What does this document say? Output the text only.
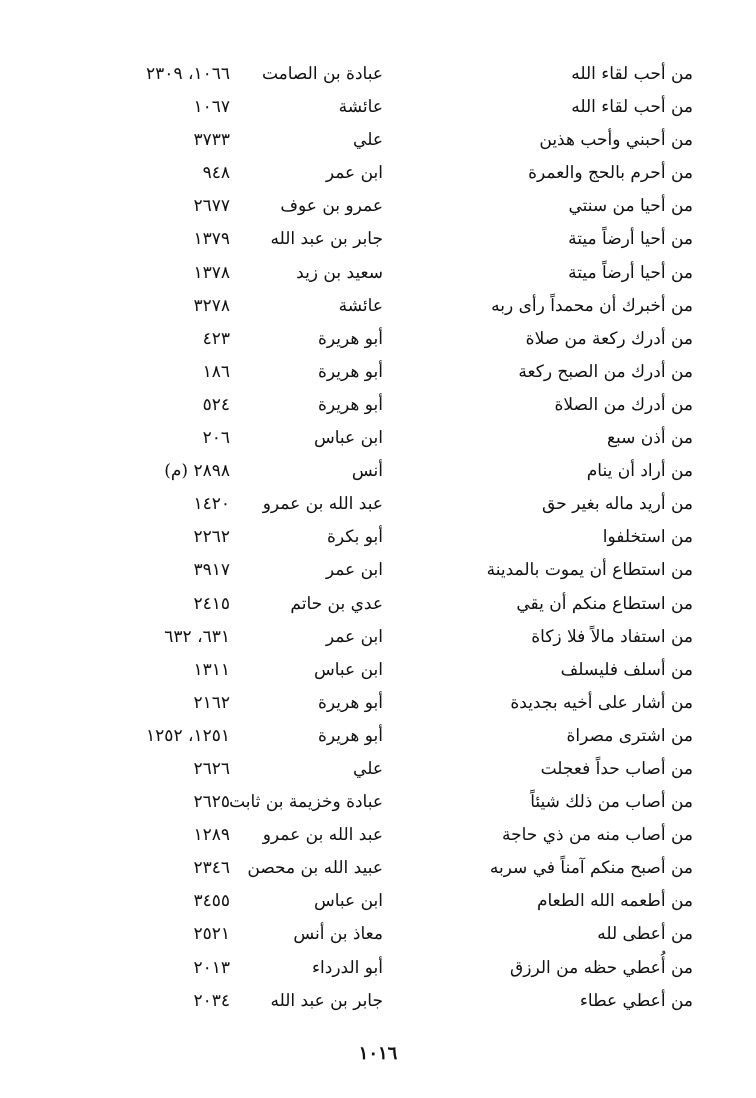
من أحب لقاء الله
عبادة بن الصامت
١٠٦٦، ٢٣٠٩
من أحب لقاء الله
عائشة
١٠٦٧
من أحبني وأحب هذين
علي
٣٧٣٣
من أحرم بالحج والعمرة
ابن عمر
٩٤٨
من أحيا من سنتي
عمرو بن عوف
٢٦٧٧
من أحيا أرضاً ميتة
جابر بن عبد الله
١٣٧٩
من أحيا أرضاً ميتة
سعيد بن زيد
١٣٧٨
من أخبرك أن محمداً رأى ربه
عائشة
٣٢٧٨
من أدرك ركعة من صلاة
أبو هريرة
٤٢٣
من أدرك من الصبح ركعة
أبو هريرة
١٨٦
من أدرك من الصلاة
أبو هريرة
٥٢٤
من أذن سبع
ابن عباس
٢٠٦
من أراد أن ينام
أنس
٢٨٩٨ (م)
من أريد ماله بغير حق
عبد الله بن عمرو
١٤٢٠
من استخلفوا
أبو بكرة
٢٢٦٢
من استطاع أن يموت بالمدينة
ابن عمر
٣٩١٧
من استطاع منكم أن يقي
عدي بن حاتم
٢٤١٥
من استفاد مالاً فلا زكاة
ابن عمر
٦٣١، ٦٣٢
من أسلف فليسلف
ابن عباس
١٣١١
من أشار على أخيه بجديدة
أبو هريرة
٢١٦٢
من اشترى مصراة
أبو هريرة
١٢٥١، ١٢٥٢
من أصاب حداً فعجلت
علي
٢٦٢٦
من أصاب من ذلك شيئاً
عبادة وخزيمة بن ثابت
٢٦٢٥
من أصاب منه من ذي حاجة
عبد الله بن عمرو
١٢٨٩
من أصبح منكم آمناً في سربه
عبيد الله بن محصن
٢٣٤٦
من أطعمه الله الطعام
ابن عباس
٣٤٥٥
من أعطى لله
معاذ بن أنس
٢٥٢١
من أُعطي حظه من الرزق
أبو الدرداء
٢٠١٣
من أعطي عطاء
جابر بن عبد الله
٢٠٣٤
١٠١٦
